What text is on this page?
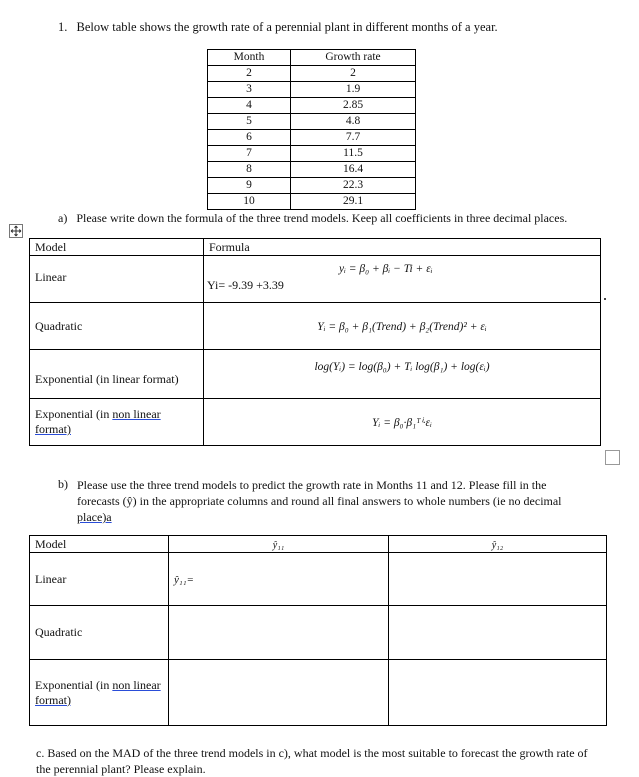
1. Below table shows the growth rate of a perennial plant in different months of a year.
Month	Growth rate
2	2
3	1.9
4	2.85
5	4.8
6	7.7
7	11.5
8	16.4
9	22.3
10	29.1
a) Please write down the formula of the three trend models. Keep all coefficients in three decimal places.
Model	Formula
Linear	yᵢ = β₀ + βᵢ − Ti + εᵢ
Yi= -9.39 +3.39

Quadratic	Yᵢ = β₀ + β₁(Trend) + β₂(Trend)² + εᵢ
Exponential (in linear format)	log(Yᵢ) = log(β₀) + Tᵢ log(β₁) + log(εᵢ)
Exponential (in non linear
format)	Yᵢ = β₀·β₁ᵀⁱ·εᵢ
b) Please use the three trend models to predict the growth rate in Months 11 and 12. Please fill in the
forecasts (ŷ) in the appropriate columns and round all final answers to whole numbers (ie no decimal
place)a
Model	ŷ₁₁	ŷ₁₂
Linear	ŷ₁₁=	
Quadratic		
Exponential (in non linear
format)		
c. Based on the MAD of the three trend models in c), what model is the most suitable to forecast the growth rate of
the perennial plant? Please explain.
